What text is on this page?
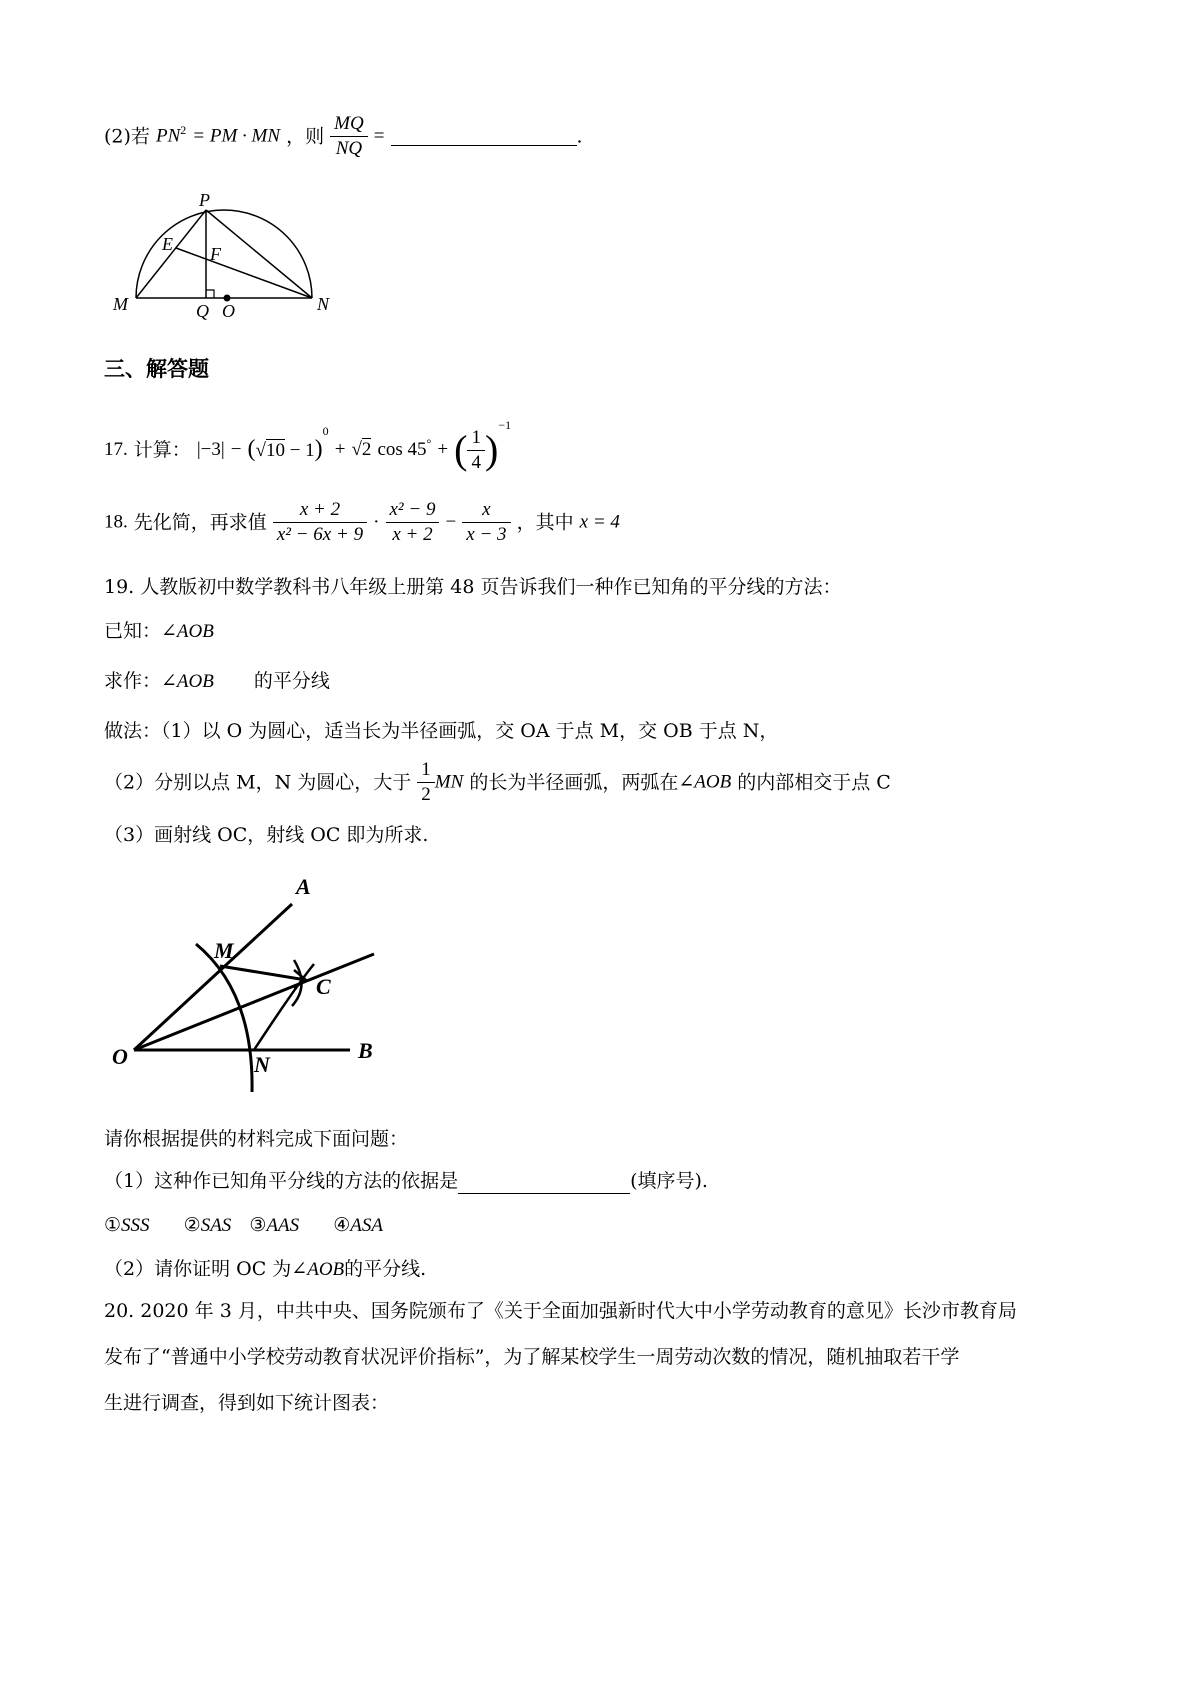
(2)若 $PN^2$ = PM · MN ，则 $\frac{MQ}{NQ}$ =	.
P
E F
M	Q O	N
三、解答题
17. 计算： $|-3| - (√10 - 1)^0 + √2$ cos 45° + ( $\frac{1}{4} )^{-1}$
18. 先化简，再求值 $\frac{x + 2}{\text{x² − 6x + 9}} \cdot \frac{\text{x² − 9}}{x + 2} - \frac{x}{x - 3}$ ，其中 x = 4
19. 人教版初中数学教科书八年级上册第 48 页告诉我们一种作已知角的平分线的方法：
已知：∠AOB
求作：∠AOB 的平分线
做法：（1）以 O 为圆心，适当长为半径画弧，交 OA 于点 M，交 OB 于点 N，
（2）分别以点 M，N 为圆心，大于 $\frac{1}{2}$ MN 的长为半径画弧，两弧在∠AOB 的内部相交于点 C
（3）画射线 OC，射线 OC 即为所求.
A
M
C
O	N
B
请你根据提供的材料完成下面问题：
（1）这种作已知角平分线的方法的依据是	(填序号).
①SSS ②SAS ③AAS ④ASA
（2）请你证明 OC 为∠AOB的平分线.
20. 2020 年 3 月，中共中央、国务院颁布了《关于全面加强新时代大中小学劳动教育的意见》长沙市教育局
发布了“普通中小学校劳动教育状况评价指标”，为了解某校学生一周劳动次数的情况，随机抽取若干学
生进行调查，得到如下统计图表：
